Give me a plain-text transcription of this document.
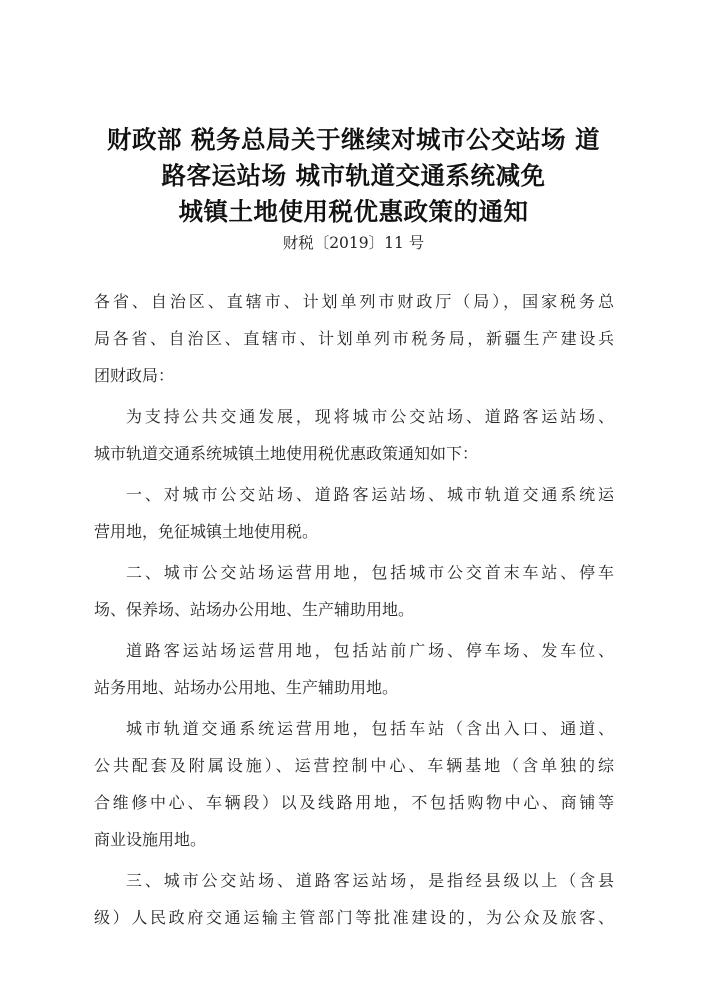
财政部 税务总局关于继续对城市公交站场 道
路客运站场 城市轨道交通系统减免
城镇土地使用税优惠政策的通知
财税〔2019〕11 号
各省、自治区、直辖市、计划单列市财政厅（局），国家税务总
局各省、自治区、直辖市、计划单列市税务局，新疆生产建设兵
团财政局：
为支持公共交通发展，现将城市公交站场、道路客运站场、
城市轨道交通系统城镇土地使用税优惠政策通知如下：
一、对城市公交站场、道路客运站场、城市轨道交通系统运
营用地，免征城镇土地使用税。
二、城市公交站场运营用地，包括城市公交首末车站、停车
场、保养场、站场办公用地、生产辅助用地。
道路客运站场运营用地，包括站前广场、停车场、发车位、
站务用地、站场办公用地、生产辅助用地。
城市轨道交通系统运营用地，包括车站（含出入口、通道、
公共配套及附属设施）、运营控制中心、车辆基地（含单独的综
合维修中心、车辆段）以及线路用地，不包括购物中心、商铺等
商业设施用地。
三、城市公交站场、道路客运站场，是指经县级以上（含县
级）人民政府交通运输主管部门等批准建设的，为公众及旅客、
